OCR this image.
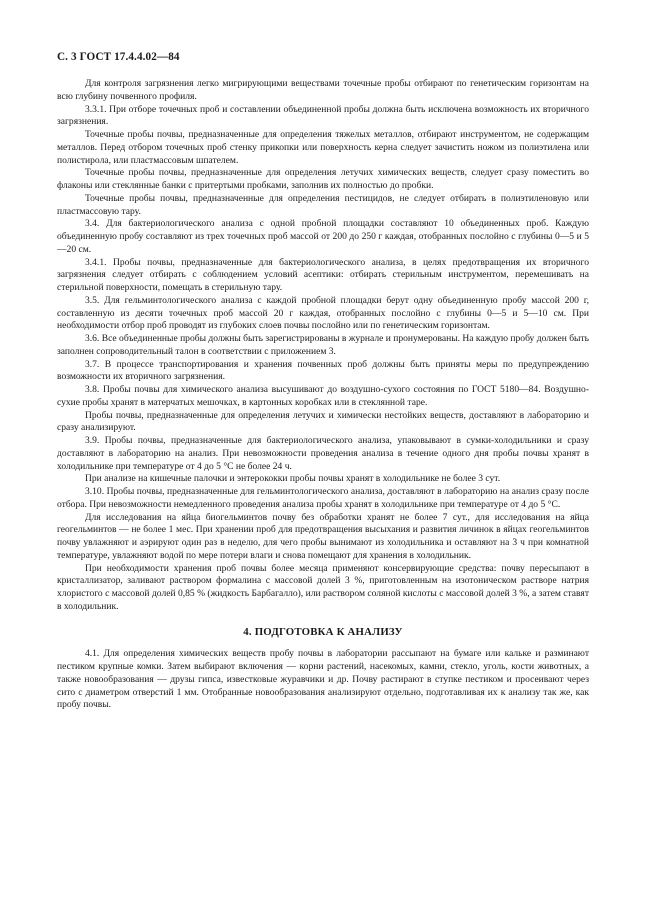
С. 3 ГОСТ 17.4.4.02—84

Для контроля загрязнения легко мигрирующими веществами точечные пробы отбирают по генетическим горизонтам на всю глубину почвенного профиля.

3.3.1. При отборе точечных проб и составлении объединенной пробы должна быть исключена возможность их вторичного загрязнения.

Точечные пробы почвы, предназначенные для определения тяжелых металлов, отбирают инструментом, не содержащим металлов. Перед отбором точечных проб стенку прикопки или поверхность керна следует зачистить ножом из полиэтилена или полистирола, или пластмассовым шпателем.

Точечные пробы почвы, предназначенные для определения летучих химических веществ, следует сразу поместить во флаконы или стеклянные банки с притертыми пробками, заполнив их полностью до пробки.

Точечные пробы почвы, предназначенные для определения пестицидов, не следует отбирать в полиэтиленовую или пластмассовую тару.

3.4. Для бактериологического анализа с одной пробной площадки составляют 10 объединенных проб. Каждую объединенную пробу составляют из трех точечных проб массой от 200 до 250 г каждая, отобранных послойно с глубины 0—5 и 5—20 см.

3.4.1. Пробы почвы, предназначенные для бактериологического анализа, в целях предотвращения их вторичного загрязнения следует отбирать с соблюдением условий асептики: отбирать стерильным инструментом, перемешивать на стерильной поверхности, помещать в стерильную тару.

3.5. Для гельминтологического анализа с каждой пробной площадки берут одну объединенную пробу массой 200 г, составленную из десяти точечных проб массой 20 г каждая, отобранных послойно с глубины 0—5 и 5—10 см. При необходимости отбор проб проводят из глубоких слоев почвы послойно или по генетическим горизонтам.

3.6. Все объединенные пробы должны быть зарегистрированы в журнале и пронумерованы. На каждую пробу должен быть заполнен сопроводительный талон в соответствии с приложением 3.

3.7. В процессе транспортирования и хранения почвенных проб должны быть приняты меры по предупреждению возможности их вторичного загрязнения.

3.8. Пробы почвы для химического анализа высушивают до воздушно-сухого состояния по ГОСТ 5180—84. Воздушно-сухие пробы хранят в матерчатых мешочках, в картонных коробках или в стеклянной таре.

Пробы почвы, предназначенные для определения летучих и химически нестойких веществ, доставляют в лабораторию и сразу анализируют.

3.9. Пробы почвы, предназначенные для бактериологического анализа, упаковывают в сумки-холодильники и сразу доставляют в лабораторию на анализ. При невозможности проведения анализа в течение одного дня пробы почвы хранят в холодильнике при температуре от 4 до 5 °С не более 24 ч.

При анализе на кишечные палочки и энтерококки пробы почвы хранят в холодильнике не более 3 сут.

3.10. Пробы почвы, предназначенные для гельминтологического анализа, доставляют в лабораторию на анализ сразу после отбора. При невозможности немедленного проведения анализа пробы хранят в холодильнике при температуре от 4 до 5 °С.

Для исследования на яйца биогельминтов почву без обработки хранят не более 7 сут., для исследования на яйца геогельминтов — не более 1 мес. При хранении проб для предотвращения высыхания и развития личинок в яйцах геогельминтов почву увлажняют и аэрируют один раз в неделю, для чего пробы вынимают из холодильника и оставляют на 3 ч при комнатной температуре, увлажняют водой по мере потери влаги и снова помещают для хранения в холодильник.

При необходимости хранения проб почвы более месяца применяют консервирующие средства: почву пересыпают в кристаллизатор, заливают раствором формалина с массовой долей 3 %, приготовленным на изотоническом растворе натрия хлористого с массовой долей 0,85 % (жидкость Барбагалло), или раствором соляной кислоты с массовой долей 3 %, а затем ставят в холодильник.

4. ПОДГОТОВКА К АНАЛИЗУ

4.1. Для определения химических веществ пробу почвы в лаборатории рассыпают на бумаге или кальке и разминают пестиком крупные комки. Затем выбирают включения — корни растений, насекомых, камни, стекло, уголь, кости животных, а также новообразования — друзы гипса, известковые журавчики и др. Почву растирают в ступке пестиком и просеивают через сито с диаметром отверстий 1 мм. Отобранные новообразования анализируют отдельно, подготавливая их к анализу так же, как пробу почвы.
